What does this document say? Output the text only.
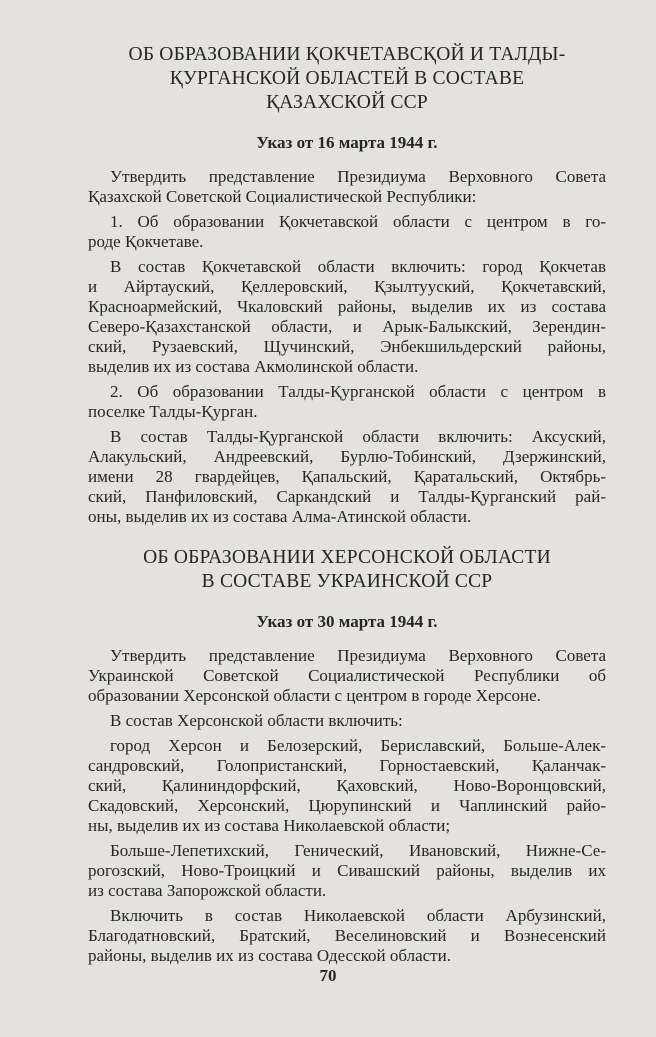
ОБ ОБРАЗОВАНИИ ҚОКЧЕТАВСҚОЙ И ТАЛДЫ-
ҚУРГАНСКОЙ ОБЛАСТЕЙ В СОСТАВЕ
ҚАЗАХСКОЙ ССР
Указ от 16 марта 1944 г.
Утвердить представление Президиума Верховного Совета
Қазахской Советской Социалистической Республики:
1. Об образовании Қокчетавской области с центром в го-
роде Қокчетаве.
В состав Қокчетавской области включить: город Қокчетав
и Айртауский, Қеллеровский, Қзылтууский, Қокчетавский,
Красноармейский, Чкаловский районы, выделив их из состава
Северо-Қазахстанской области, и Арык-Балыкский, Зерендин-
ский, Рузаевский, Щучинский, Энбекшильдерский районы,
выделив их из состава Акмолинской области.
2. Об образовании Талды-Қурганской области с центром в
поселке Талды-Қурган.
В состав Талды-Қурганской области включить: Аксуский,
Алакульский, Андреевский, Бурлю-Тобинский, Дзержинский,
имени 28 гвардейцев, Қапальский, Қаратальский, Октябрь-
ский, Панфиловский, Саркандский и Талды-Қурганский рай-
оны, выделив их из состава Алма-Атинской области.
ОБ ОБРАЗОВАНИИ ХЕРСОНСКОЙ ОБЛАСТИ
В СОСТАВЕ УКРАИНСКОЙ ССР
Указ от 30 марта 1944 г.
Утвердить представление Президиума Верховного Совета
Украинской Советской Социалистической Республики об
образовании Херсонской области с центром в городе Херсоне.
В состав Херсонской области включить:
город Херсон и Белозерский, Бериславский, Больше-Алек-
сандровский, Голопристанский, Горностаевский, Қаланчак-
ский, Қалининдорфский, Қаховский, Ново-Воронцовский,
Скадовский, Херсонский, Цюрупинский и Чаплинский райо-
ны, выделив их из состава Николаевской области;
Больше-Лепетихский, Генический, Ивановский, Нижне-Се-
рогозский, Ново-Троицкий и Сивашский районы, выделив их
из состава Запорожской области.
Включить в состав Николаевской области Арбузинский,
Благодатновский, Братский, Веселиновский и Вознесенский
районы, выделив их из состава Одесской области.
70
